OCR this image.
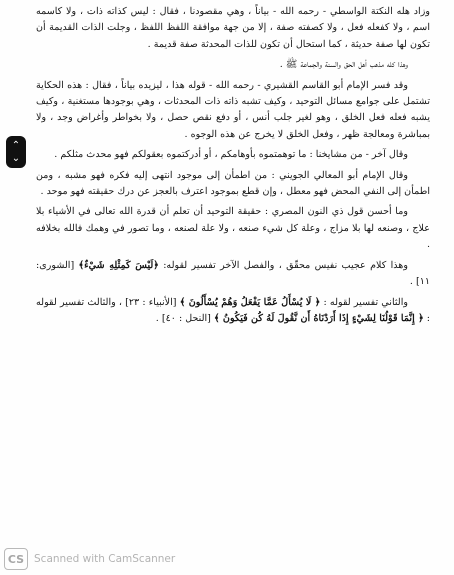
وزاد هله النكتة الواسطي - رحمه الله - بياناً ، وهي مقصودنا ، فقال : ليس كذاته ذات ، ولا كاسمه اسم ، ولا كفعله فعل ، ولا كصفته صفة ، إلا من جهة موافقة اللفظ اللفظ ، وجلت الذات القديمة أن تكون لها صفة حديثة ، كما استحال أن تكون للذات المحدثة صفة قديمة .

وهذا كله مذهب أهل الحق والسنة والجماعة ﷺ .

وقد فسر الإمام أبو القاسم القشيري - رحمه الله - قوله هذا ، ليزيده بياناً ، فقال : هذه الحكاية تشتمل على جوامع مسائل التوحيد ، وكيف تشبه ذاته ذات المحدثات ، وهي بوجودها مستغنية ، وكيف يشبه فعله فعل الخلق ، وهو لغير جلب أنس ، أو دفع نقص حصل ، ولا بخواطر وأغراض وجد ، ولا بمباشرة ومعالجة ظهر ، وفعل الخلق لا يخرج عن هذه الوجوه .

وقال آخر - من مشايخنا : ما توهمتموه بأوهامكم ، أو أدركتموه بعقولكم فهو محدث مثلكم .

وقال الإمام أبو المعالي الجويني : من اطمأن إلى موجود انتهى إليه فكره فهو مشبه ، ومن اطمأن إلى النفي المحض فهو معطل ، وإن قطع بموجود اعترف بالعجز عن درك حقيقته فهو موحد .

وما أحسن قول ذي النون المصري : حقيقة التوحيد أن تعلم أن قدرة الله تعالى في الأشياء بلا علاج ، وصنعه لها بلا مزاج ، وعلة كل شيء صنعه ، ولا علة لصنعه ، وما تصور في وهمك فالله بخلافه .

وهذا كلام عجيب نفيس محقّق ، والفصل الآخر تفسير لقوله: ﴿لَيْسَ كَمِثْلِهِ شَيْءٌ﴾ [الشورى: ١١] .

والثاني تفسير لقوله : ﴿ لَا يُسْأَلُ عَمَّا يَفْعَلُ وَهُمْ يُسْأَلُونَ ﴾ [الأنبياء : ٢٣] ، والثالث تفسير لقوله : ﴿ إِنَّمَا قَوْلُنَا لِشَيْءٍ إِذَا أَرَدْنَاهُ أَن نَّقُولَ لَهُ كُن فَيَكُونُ ﴾ [النحل : ٤٠] .

⌃
⌄
CS Scanned with CamScanner
